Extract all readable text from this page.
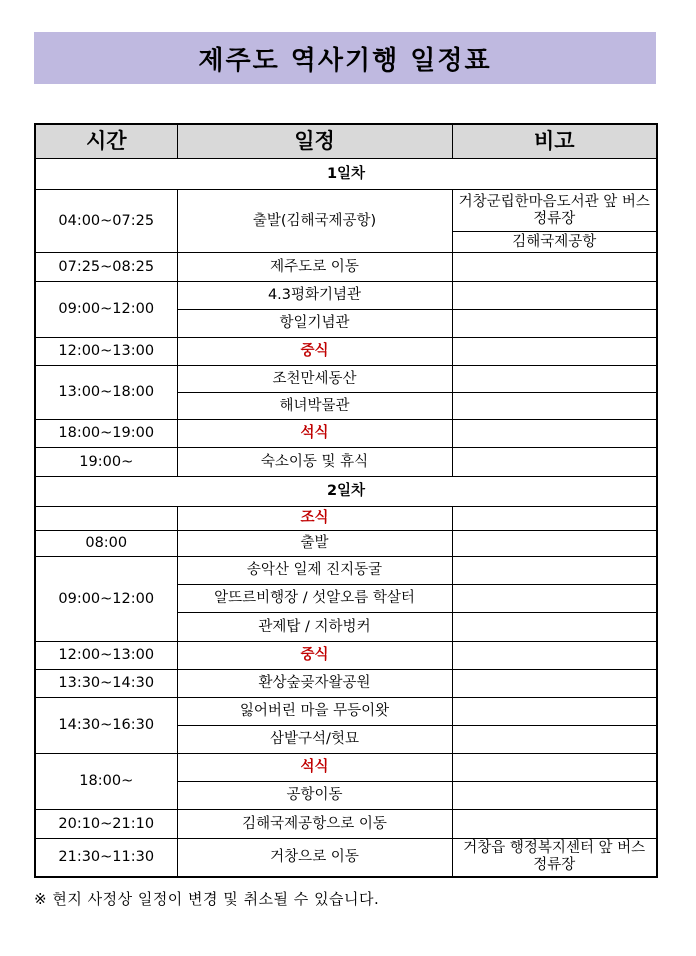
제주도 역사기행 일정표
시간	일정	비고
1일차		
04:00~07:25	출발(김해국제공항)	거창군립한마음도서관 앞 버스정류장
		김해국제공항
07:25~08:25	제주도로 이동	
09:00~12:00	4.3평화기념관	
	항일기념관	
12:00~13:00	중식	
13:00~18:00	조천만세동산	
	해녀박물관	
18:00~19:00	석식	
19:00~	숙소이동 및 휴식	
2일차		
	조식	
08:00	출발	
09:00~12:00	송악산 일제 진지동굴	
	알뜨르비행장 / 섯알오름 학살터	
	관제탑 / 지하벙커	
12:00~13:00	중식	
13:30~14:30	환상숲곶자왈공원	
14:30~16:30	잃어버린 마을 무등이왓	
	삼밭구석/헛묘	
18:00~	석식	
	공항이동	
20:10~21:10	김해국제공항으로 이동	
21:30~11:30	거창으로 이동	거창읍 행정복지센터 앞 버스정류장
※ 현지 사정상 일정이 변경 및 취소될 수 있습니다.
